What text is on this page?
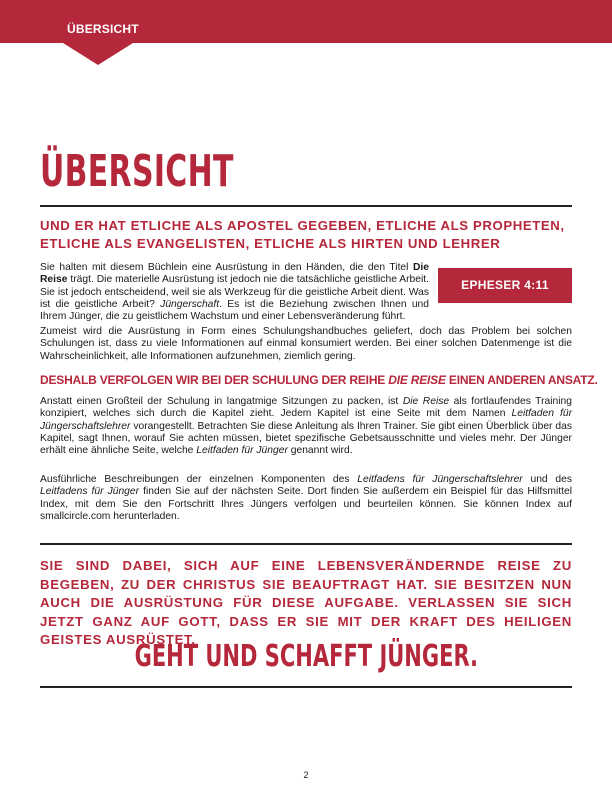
ÜBERSICHT
ÜBERSICHT

UND ER HAT ETLICHE ALS APOSTEL GEGEBEN, ETLICHE ALS PROPHETEN, ETLICHE ALS EVANGELISTEN, ETLICHE ALS HIRTEN UND LEHRER

EPHESER 4:11

Sie halten mit diesem Büchlein eine Ausrüstung in den Händen, die den Titel Die Reise trägt. Die materielle Ausrüstung ist jedoch nie die tatsächliche geistliche Arbeit. Sie ist jedoch entscheidend, weil sie als Werkzeug für die geistliche Arbeit dient. Was ist die geistliche Arbeit? Jüngerschaft. Es ist die Beziehung zwischen Ihnen und Ihrem Jünger, die zu geistlichem Wachstum und einer Lebensveränderung führt.

Zumeist wird die Ausrüstung in Form eines Schulungshandbuches geliefert, doch das Problem bei solchen Schulungen ist, dass zu viele Informationen auf einmal konsumiert werden. Bei einer solchen Datenmenge ist die Wahrscheinlichkeit, alle Informationen aufzunehmen, ziemlich gering.

DESHALB VERFOLGEN WIR BEI DER SCHULUNG DER REIHE DIE REISE EINEN ANDEREN ANSATZ.

Anstatt einen Großteil der Schulung in langatmige Sitzungen zu packen, ist Die Reise als fortlaufendes Training konzipiert, welches sich durch die Kapitel zieht. Jedem Kapitel ist eine Seite mit dem Namen Leitfaden für Jüngerschaftslehrer vorangestellt. Betrachten Sie diese Anleitung als Ihren Trainer. Sie gibt einen Überblick über das Kapitel, sagt Ihnen, worauf Sie achten müssen, bietet spezifische Gebetsausschnitte und vieles mehr. Der Jünger erhält eine ähnliche Seite, welche Leitfaden für Jünger genannt wird.

Ausführliche Beschreibungen der einzelnen Komponenten des Leitfadens für Jüngerschaftslehrer und des Leitfadens für Jünger finden Sie auf der nächsten Seite. Dort finden Sie außerdem ein Beispiel für das Hilfsmittel Index, mit dem Sie den Fortschritt Ihres Jüngers verfolgen und beurteilen können. Sie können Index auf smallcircle.com herunterladen.

SIE SIND DABEI, SICH AUF EINE LEBENSVERÄNDERNDE REISE ZU BEGEBEN, ZU DER CHRISTUS SIE BEAUFTRAGT HAT. SIE BESITZEN NUN AUCH DIE AUSRÜSTUNG FÜR DIESE AUFGABE. VERLASSEN SIE SICH JETZT GANZ AUF GOTT, DASS ER SIE MIT DER KRAFT DES HEILIGEN GEISTES AUSRÜSTET.

GEHT UND SCHAFFT JÜNGER.

2
